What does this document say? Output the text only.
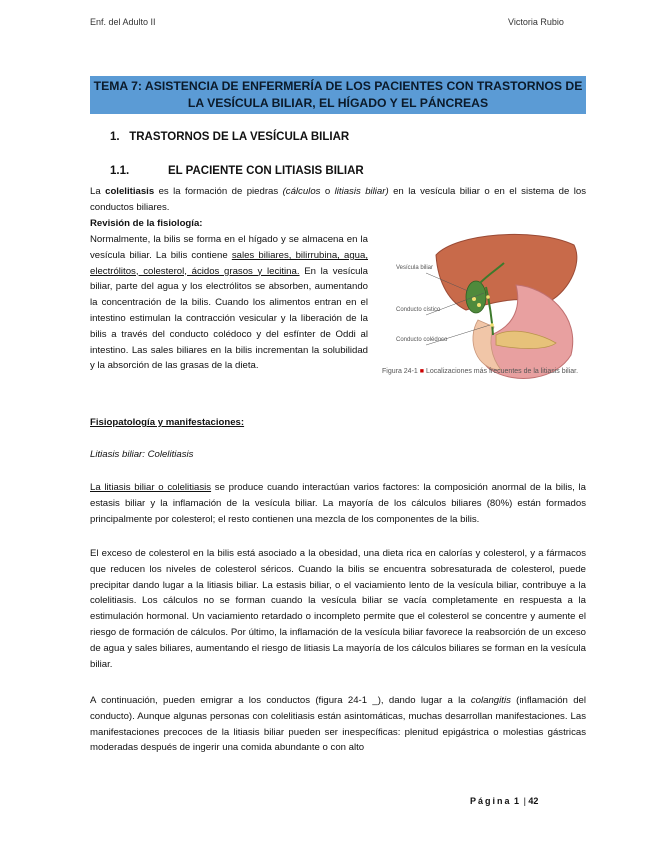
Enf. del Adulto II	Victoria Rubio
TEMA 7: ASISTENCIA DE ENFERMERÍA DE LOS PACIENTES CON TRASTORNOS DE LA VESÍCULA BILIAR, EL HÍGADO Y EL PÁNCREAS
1. TRASTORNOS DE LA VESÍCULA BILIAR
1.1.	EL PACIENTE CON LITIASIS BILIAR
La colelitiasis es la formación de piedras (cálculos o litiasis biliar) en la vesícula biliar o en el sistema de los conductos biliares.
Revisión de la fisiología:
Normalmente, la bilis se forma en el hígado y se almacena en la vesícula biliar. La bilis contiene sales biliares, bilirrubina, agua, electrólitos, colesterol, ácidos grasos y lecitina. En la vesícula biliar, parte del agua y los electrólitos se absorben, aumentando la concentración de la bilis. Cuando los alimentos entran en el intestino estimulan la contracción vesicular y la liberación de la bilis a través del conducto colédoco y del esfínter de Oddi al intestino. Las sales biliares en la bilis incrementan la solubilidad y la absorción de las grasas de la dieta.
Vesícula biliar
Conducto cístico
Conducto colédoco
Figura 24-1 ■ Localizaciones más frecuentes de la litiasis biliar.
Fisiopatología y manifestaciones:
Litiasis biliar: Colelitiasis
La litiasis biliar o colelitiasis se produce cuando interactúan varios factores: la composición anormal de la bilis, la estasis biliar y la inflamación de la vesícula biliar. La mayoría de los cálculos biliares (80%) están formados principalmente por colesterol; el resto contienen una mezcla de los componentes de la bilis.
El exceso de colesterol en la bilis está asociado a la obesidad, una dieta rica en calorías y colesterol, y a fármacos que reducen los niveles de colesterol séricos. Cuando la bilis se encuentra sobresaturada de colesterol, puede precipitar dando lugar a la litiasis biliar. La estasis biliar, o el vaciamiento lento de la vesícula biliar, contribuye a la colelitiasis. Los cálculos no se forman cuando la vesícula biliar se vacía completamente en respuesta a la estimulación hormonal. Un vaciamiento retardado o incompleto permite que el colesterol se concentre y aumente el riesgo de formación de cálculos. Por último, la inflamación de la vesícula biliar favorece la reabsorción de un exceso de agua y sales biliares, aumentando el riesgo de litiasis La mayoría de los cálculos biliares se forman en la vesícula biliar.
A continuación, pueden emigrar a los conductos (figura 24-1 _), dando lugar a la colangitis (inflamación del conducto). Aunque algunas personas con colelitiasis están asintomáticas, muchas desarrollan manifestaciones. Las manifestaciones precoces de la litiasis biliar pueden ser inespecíficas: plenitud epigástrica o molestias gástricas moderadas después de ingerir una comida abundante o con alto
Página 1 | 42
